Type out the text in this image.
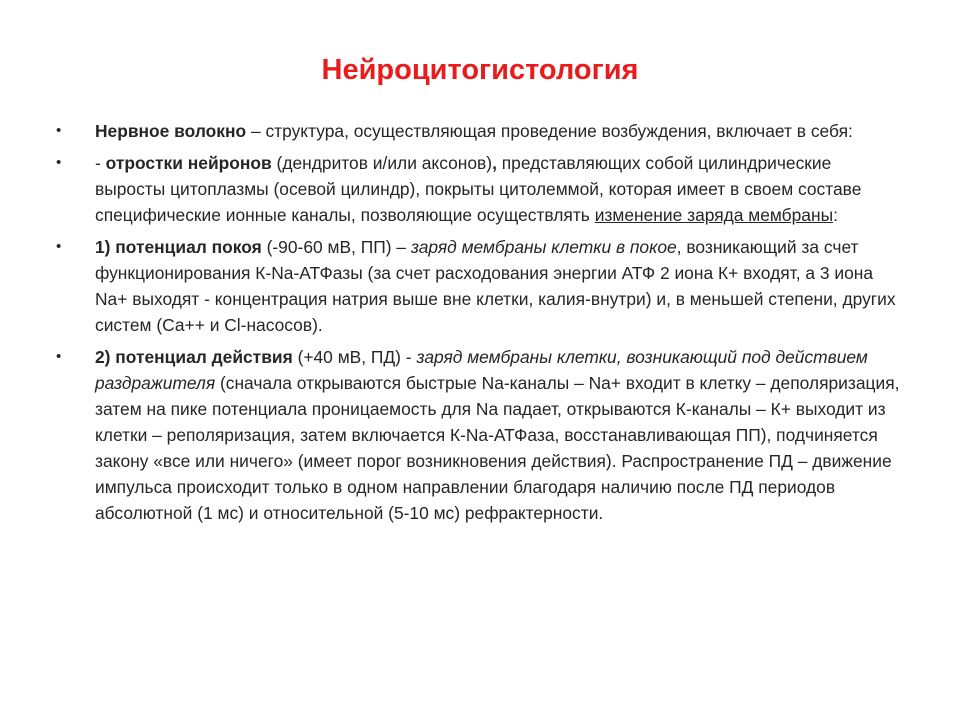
Нейроцитогистология
• Нервное волокно – структура, осуществляющая проведение возбуждения, включает в себя:
• - отростки нейронов (дендритов и/или аксонов), представляющих собой цилиндрические выросты цитоплазмы (осевой цилиндр), покрыты цитолеммой, которая имеет в своем составе специфические ионные каналы, позволяющие осуществлять изменение заряда мембраны:
• 1) потенциал покоя (-90-60 мВ, ПП) – заряд мембраны клетки в покое, возникающий за счет функционирования К-Na-АТФазы (за счет расходования энергии АТФ 2 иона К+ входят, а 3 иона Na+ выходят - концентрация натрия выше вне клетки, калия-внутри) и, в меньшей степени, других систем (Са++ и Cl-насосов).
• 2) потенциал действия (+40 мВ, ПД) - заряд мембраны клетки, возникающий под действием раздражителя (сначала открываются быстрые Na-каналы – Na+ входит в клетку – деполяризация, затем на пике потенциала проницаемость для Na падает, открываются К-каналы – К+ выходит из клетки – реполяризация, затем включается К-Na-АТФаза, восстанавливающая ПП), подчиняется закону «все или ничего» (имеет порог возникновения действия). Распространение ПД – движение импульса происходит только в одном направлении благодаря наличию после ПД периодов абсолютной (1 мс) и относительной (5-10 мс) рефрактерности.
